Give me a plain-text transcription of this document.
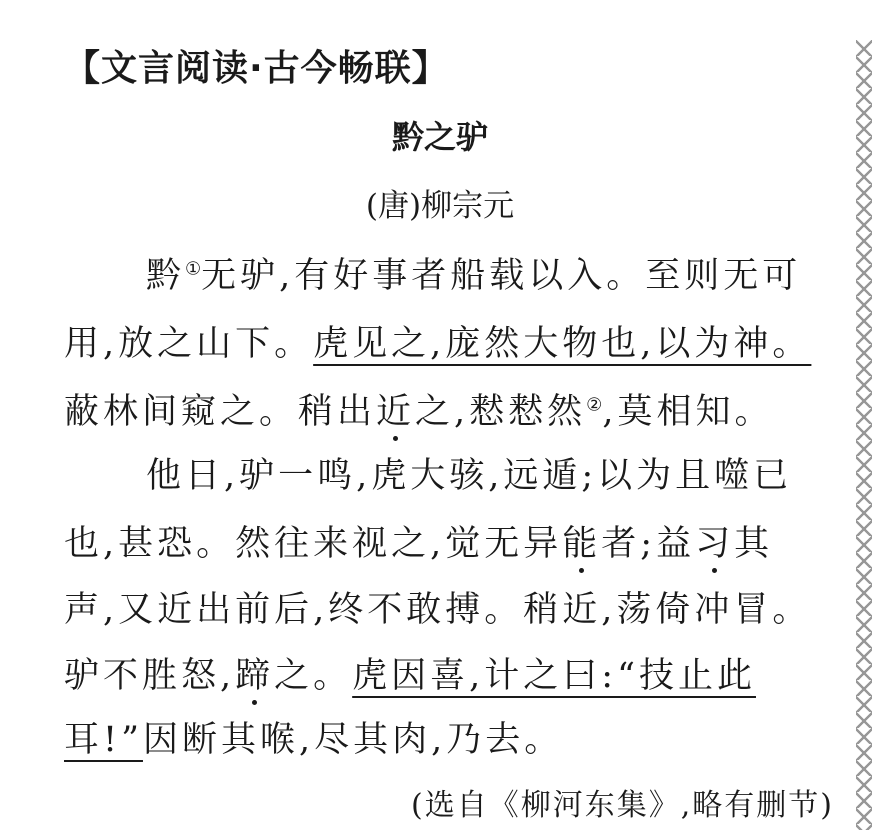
【文言阅读·古今畅联】
黔之驴
(唐)柳宗元
黔①无驴,有好事者船载以入。至则无可
用,放之山下。虎见之,庞然大物也,以为神。
蔽林间窥之。稍出近之,慭慭然②,莫相知。
他日,驴一鸣,虎大骇,远遁;以为且噬已
也,甚恐。然往来视之,觉无异能者;益习其
声,又近出前后,终不敢搏。稍近,荡倚冲冒。
驴不胜怒,蹄之。虎因喜,计之曰:“技止此
耳!”因断其喉,尽其肉,乃去。
(选自《柳河东集》,略有删节)
